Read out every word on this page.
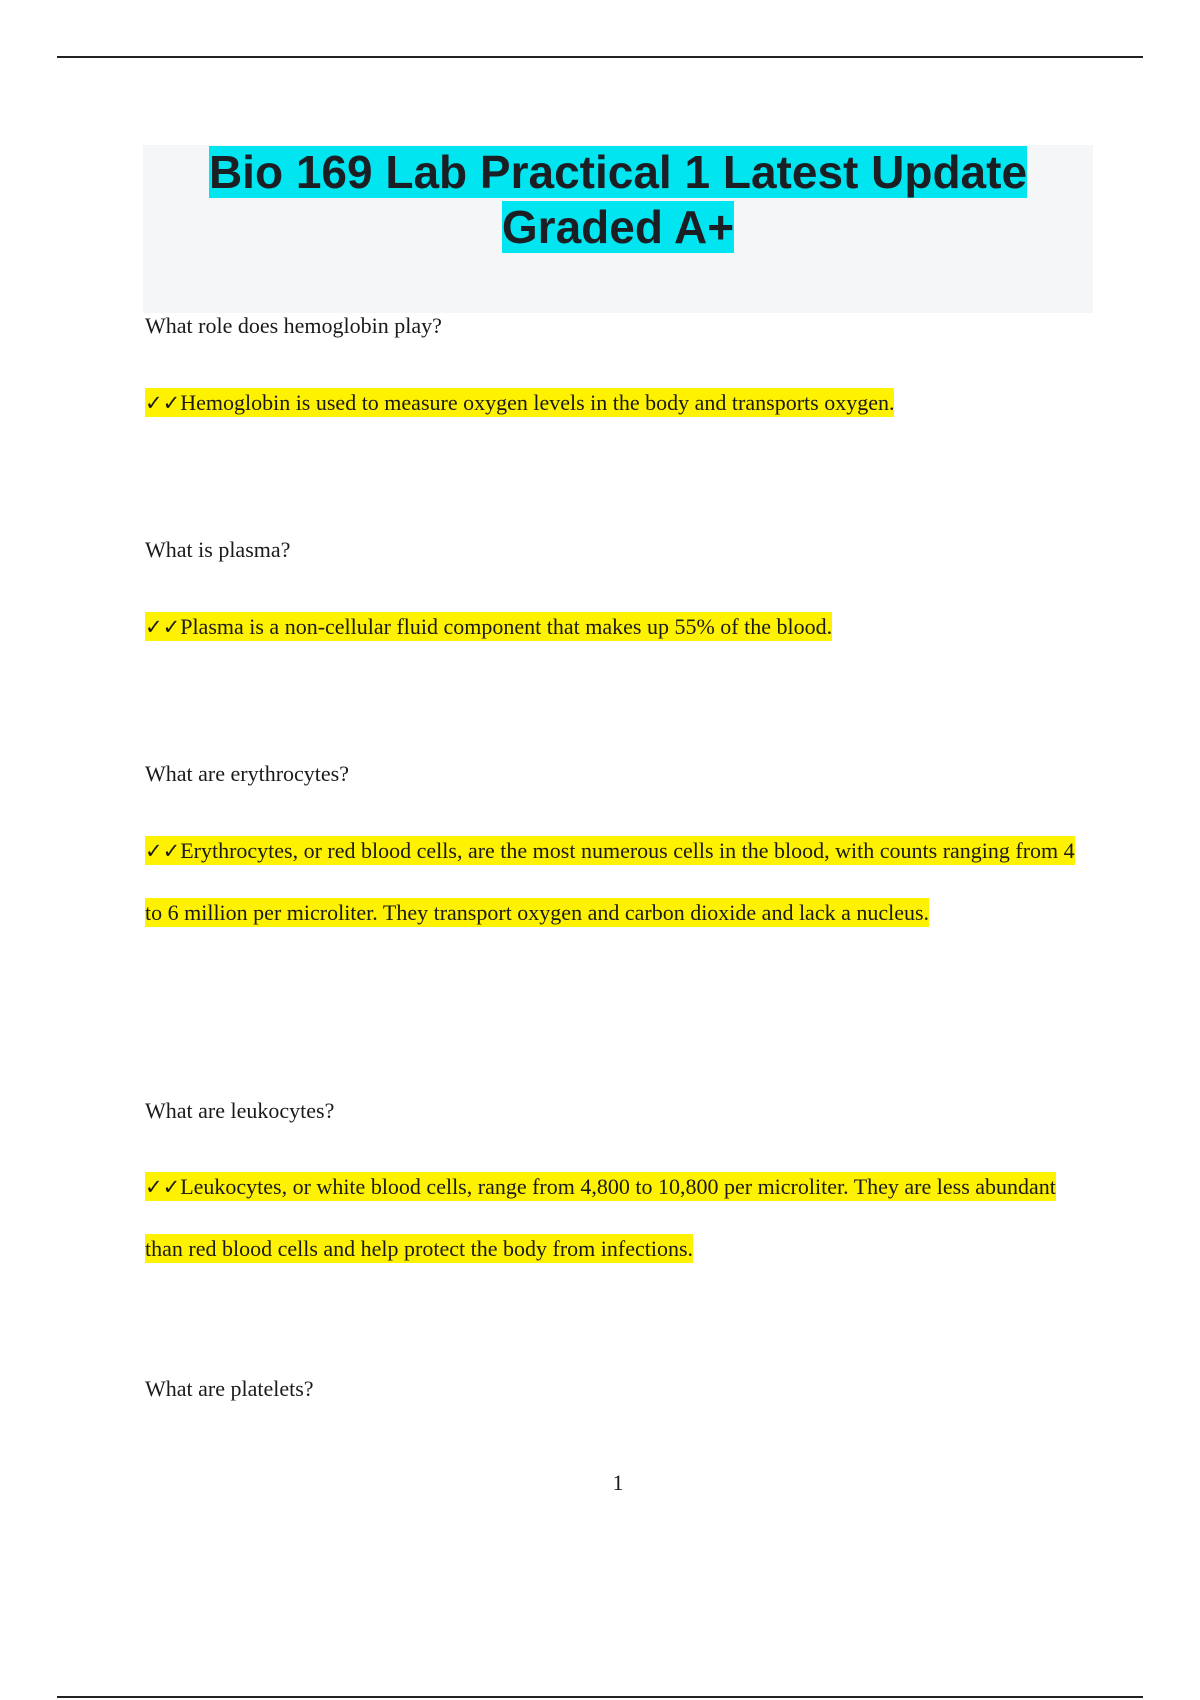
Bio 169 Lab Practical 1 Latest Update Graded A+

What role does hemoglobin play?

✓✓Hemoglobin is used to measure oxygen levels in the body and transports oxygen.

What is plasma?

✓✓Plasma is a non-cellular fluid component that makes up 55% of the blood.

What are erythrocytes?

✓✓Erythrocytes, or red blood cells, are the most numerous cells in the blood, with counts ranging from 4 to 6 million per microliter. They transport oxygen and carbon dioxide and lack a nucleus.

What are leukocytes?

✓✓Leukocytes, or white blood cells, range from 4,800 to 10,800 per microliter. They are less abundant than red blood cells and help protect the body from infections.

What are platelets?

1
